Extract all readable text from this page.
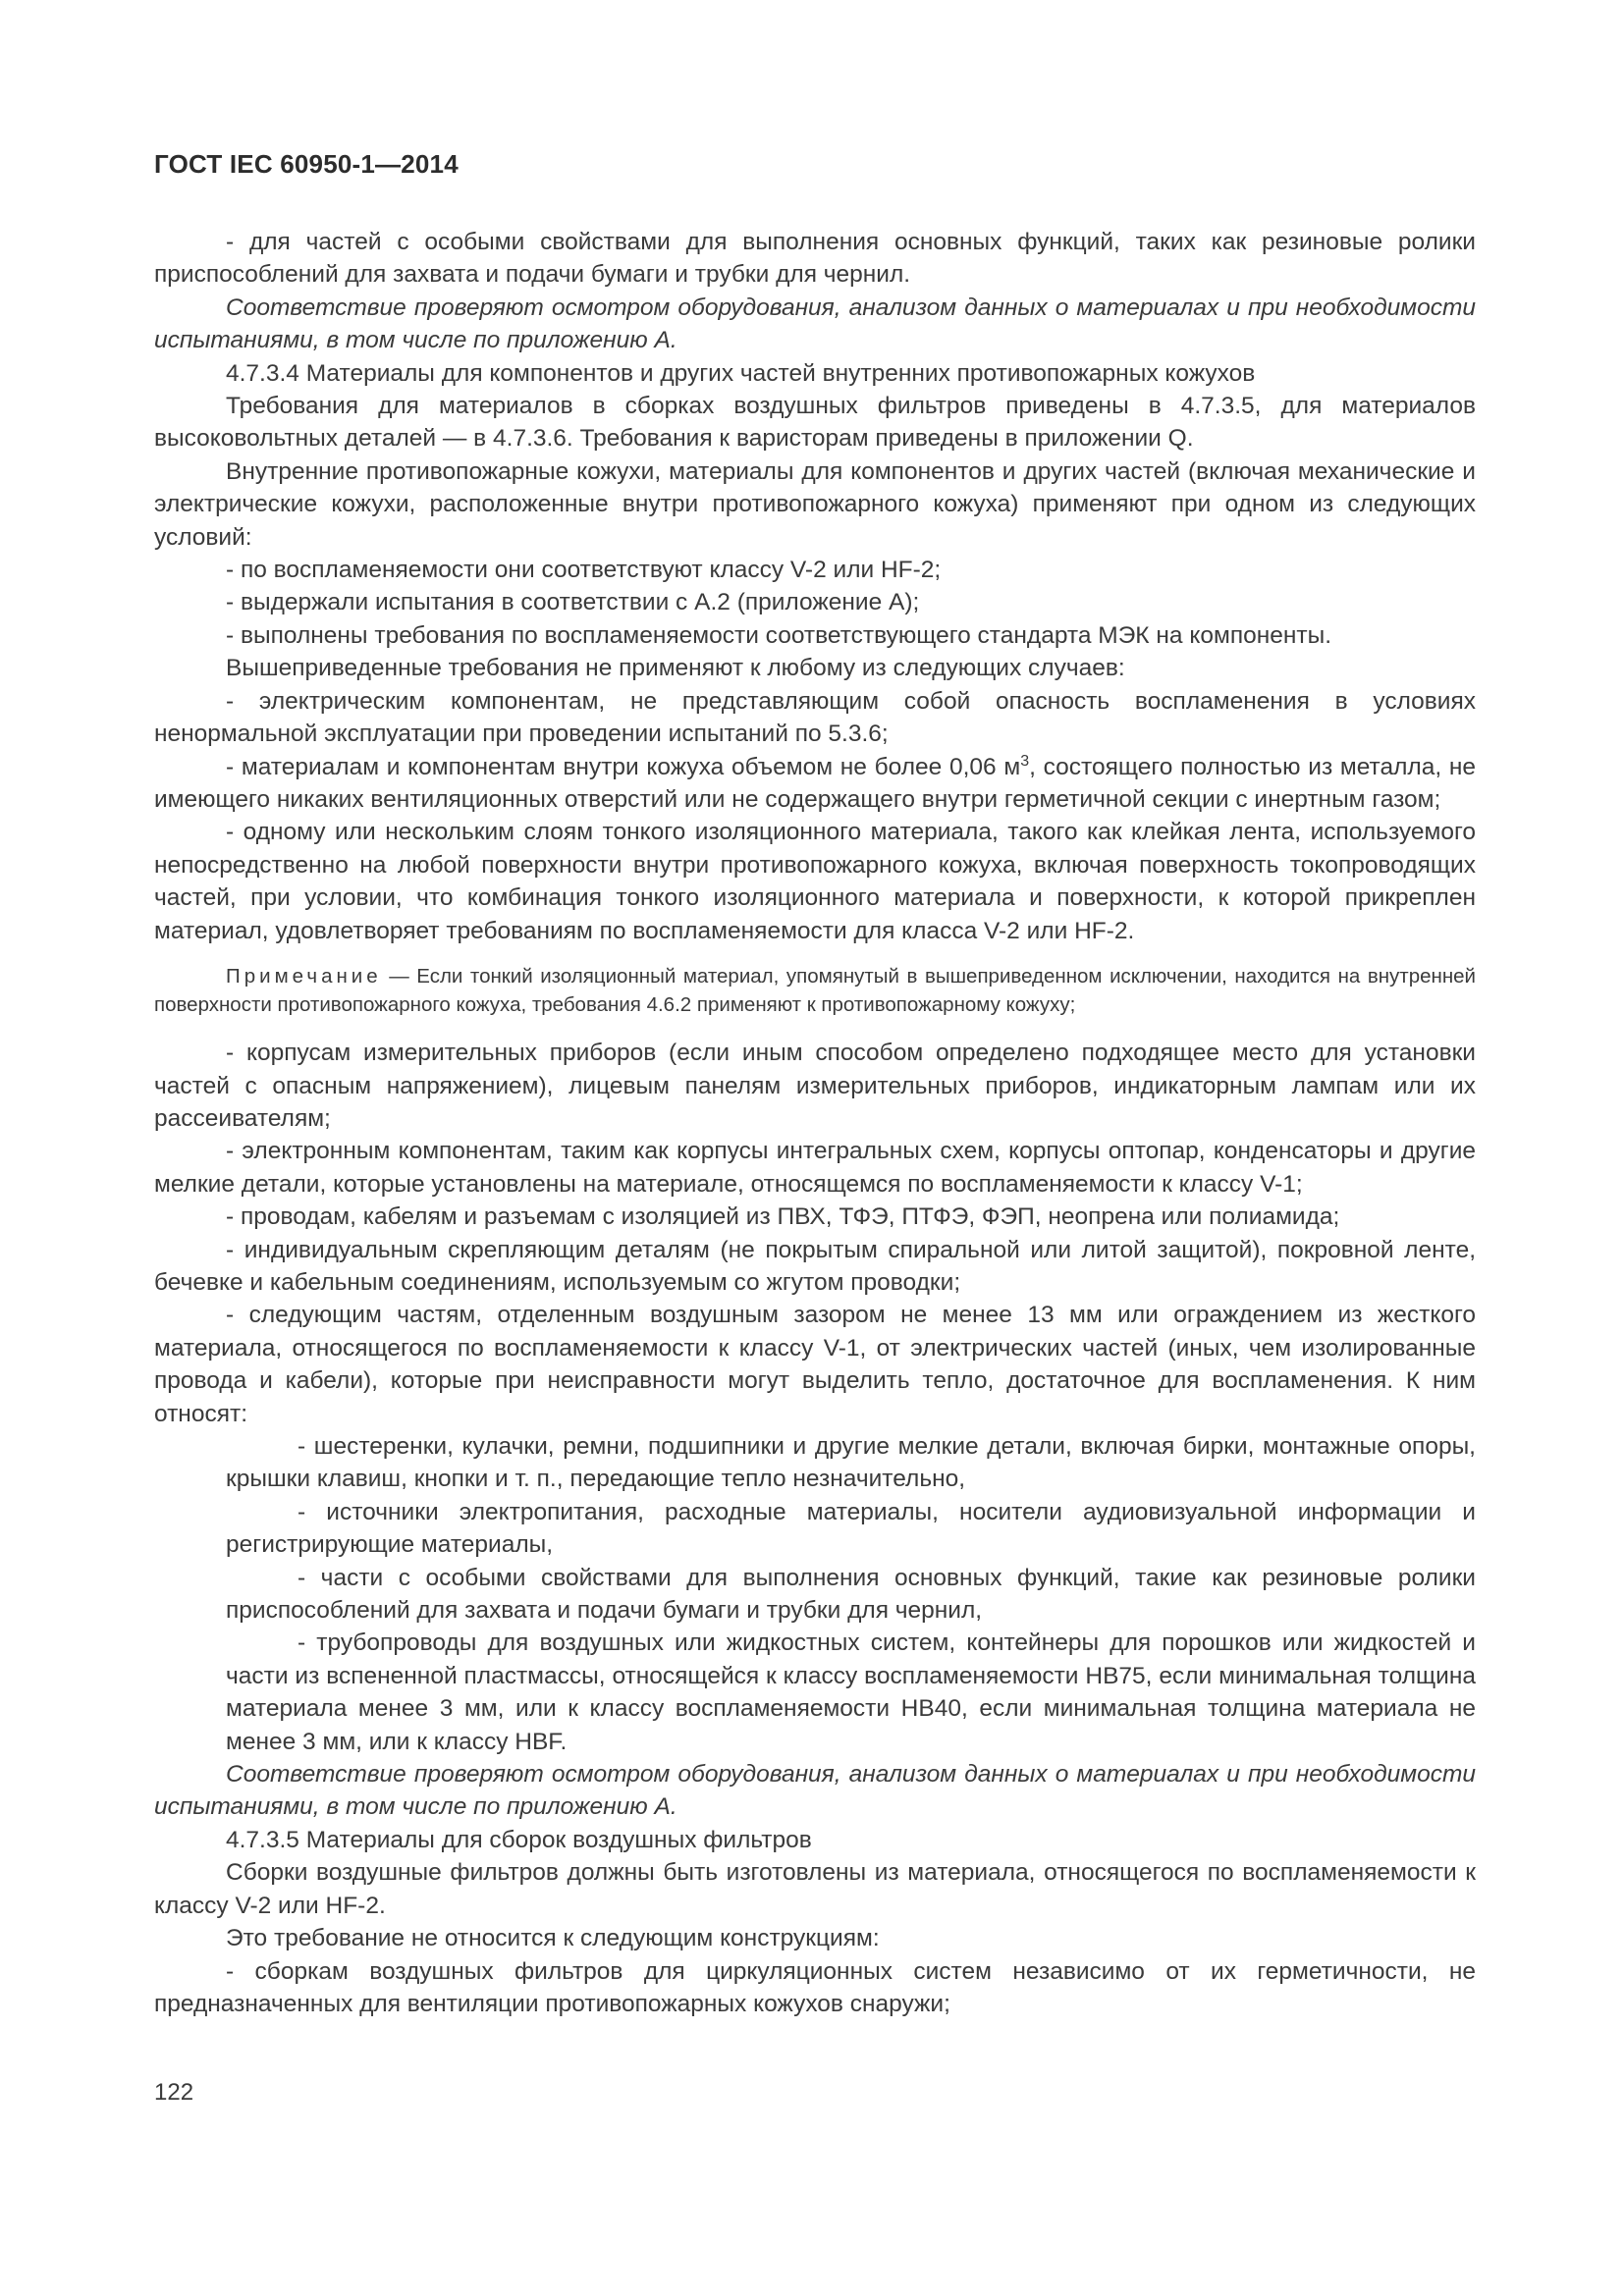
ГОСТ IEC 60950-1—2014

- для частей с особыми свойствами для выполнения основных функций, таких как резиновые ролики приспособлений для захвата и подачи бумаги и трубки для чернил.

Соответствие проверяют осмотром оборудования, анализом данных о материалах и при необходимости испытаниями, в том числе по приложению А.

4.7.3.4 Материалы для компонентов и других частей внутренних противопожарных кожухов

Требования для материалов в сборках воздушных фильтров приведены в 4.7.3.5, для материалов высоковольтных деталей — в 4.7.3.6. Требования к варисторам приведены в приложении Q.

Внутренние противопожарные кожухи, материалы для компонентов и других частей (включая механические и электрические кожухи, расположенные внутри противопожарного кожуха) применяют при одном из следующих условий:

- по воспламеняемости они соответствуют классу V-2 или HF-2;

- выдержали испытания в соответствии с А.2 (приложение А);

- выполнены требования по воспламеняемости соответствующего стандарта МЭК на компоненты.

Вышеприведенные требования не применяют к любому из следующих случаев:

- электрическим компонентам, не представляющим собой опасность воспламенения в условиях ненормальной эксплуатации при проведении испытаний по 5.3.6;

- материалам и компонентам внутри кожуха объемом не более 0,06 $м^3$, состоящего полностью из металла, не имеющего никаких вентиляционных отверстий или не содержащего внутри герметичной секции с инертным газом;

- одному или нескольким слоям тонкого изоляционного материала, такого как клейкая лента, используемого непосредственно на любой поверхности внутри противопожарного кожуха, включая поверхность токопроводящих частей, при условии, что комбинация тонкого изоляционного материала и поверхности, к которой прикреплен материал, удовлетворяет требованиям по воспламеняемости для класса V-2 или HF-2.

Примечание — Если тонкий изоляционный материал, упомянутый в вышеприведенном исключении, находится на внутренней поверхности противопожарного кожуха, требования 4.6.2 применяют к противопожарному кожуху;

- корпусам измерительных приборов (если иным способом определено подходящее место для установки частей с опасным напряжением), лицевым панелям измерительных приборов, индикаторным лампам или их рассеивателям;

- электронным компонентам, таким как корпусы интегральных схем, корпусы оптопар, конденсаторы и другие мелкие детали, которые установлены на материале, относящемся по воспламеняемости к классу V-1;

- проводам, кабелям и разъемам с изоляцией из ПВХ, ТФЭ, ПТФЭ, ФЭП, неопрена или полиамида;

- индивидуальным скрепляющим деталям (не покрытым спиральной или литой защитой), покровной ленте, бечевке и кабельным соединениям, используемым со жгутом проводки;

- следующим частям, отделенным воздушным зазором не менее 13 мм или ограждением из жесткого материала, относящегося по воспламеняемости к классу V-1, от электрических частей (иных, чем изолированные провода и кабели), которые при неисправности могут выделить тепло, достаточное для воспламенения. К ним относят:

- шестеренки, кулачки, ремни, подшипники и другие мелкие детали, включая бирки, монтажные опоры, крышки клавиш, кнопки и т. п., передающие тепло незначительно,

- источники электропитания, расходные материалы, носители аудиовизуальной информации и регистрирующие материалы,

- части с особыми свойствами для выполнения основных функций, такие как резиновые ролики приспособлений для захвата и подачи бумаги и трубки для чернил,

- трубопроводы для воздушных или жидкостных систем, контейнеры для порошков или жидкостей и части из вспененной пластмассы, относящейся к классу воспламеняемости НВ75, если минимальная толщина материала менее 3 мм, или к классу воспламеняемости НВ40, если минимальная толщина материала не менее 3 мм, или к классу HBF.

Соответствие проверяют осмотром оборудования, анализом данных о материалах и при необходимости испытаниями, в том числе по приложению А.

4.7.3.5 Материалы для сборок воздушных фильтров

Сборки воздушные фильтров должны быть изготовлены из материала, относящегося по воспламеняемости к классу V-2 или HF-2.

Это требование не относится к следующим конструкциям:

- сборкам воздушных фильтров для циркуляционных систем независимо от их герметичности, не предназначенных для вентиляции противопожарных кожухов снаружи;

122
